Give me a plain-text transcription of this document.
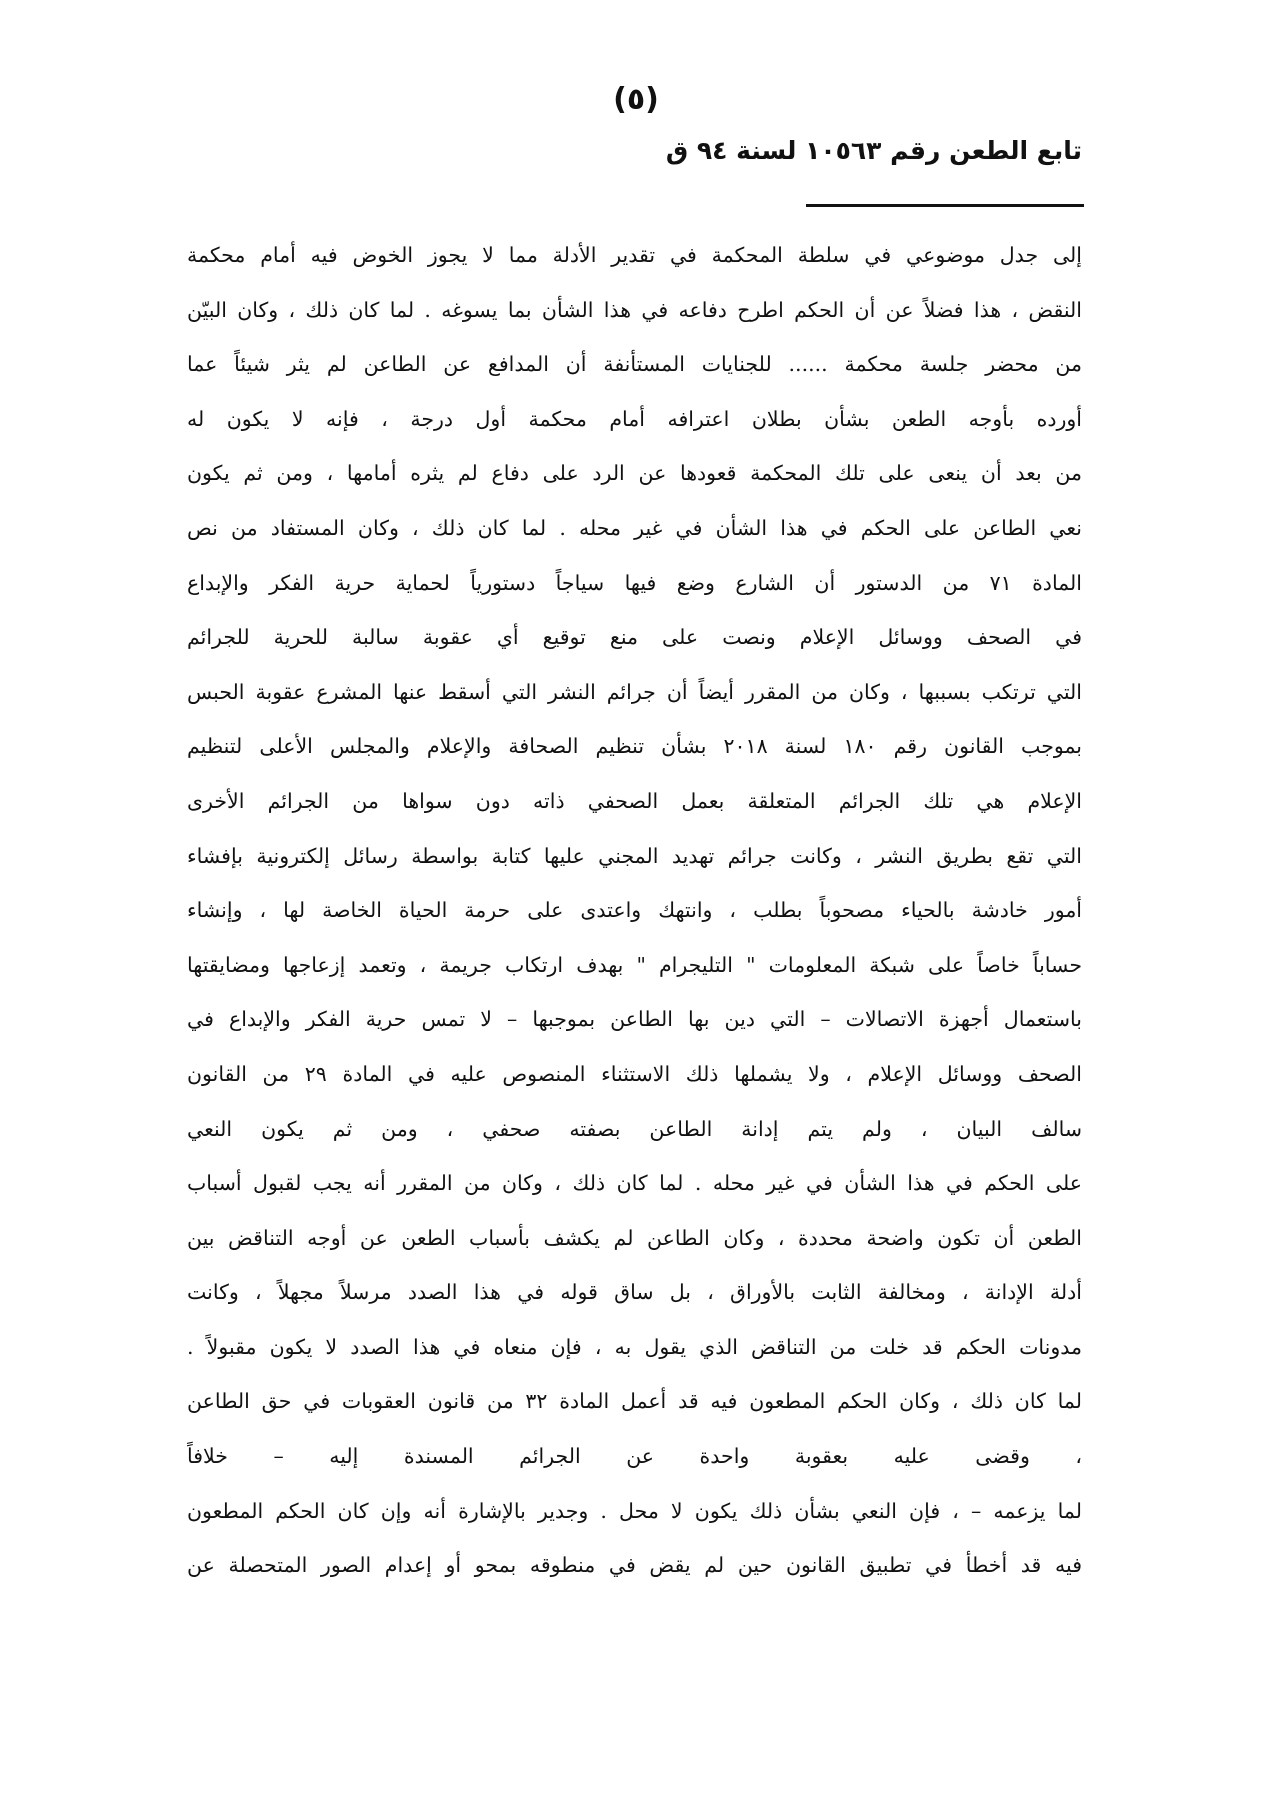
(٥)
تابع الطعن رقم ١٠٥٦٣ لسنة ٩٤ ق
إلى جدل موضوعي في سلطة المحكمة في تقدير الأدلة مما لا يجوز الخوض فيه أمام محكمة
النقض ، هذا فضلاً عن أن الحكم اطرح دفاعه في هذا الشأن بما يسوغه . لما كان ذلك ، وكان البيّن
من محضر جلسة محكمة ...... للجنايات المستأنفة أن المدافع عن الطاعن لم يثر شيئاً عما
أورده بأوجه الطعن بشأن بطلان اعترافه أمام محكمة أول درجة ، فإنه لا يكون له
من بعد أن ينعى على تلك المحكمة قعودها عن الرد على دفاع لم يثره أمامها ، ومن ثم يكون
نعي الطاعن على الحكم في هذا الشأن في غير محله . لما كان ذلك ، وكان المستفاد من نص
المادة ٧١ من الدستور أن الشارع وضع فيها سياجاً دستورياً لحماية حرية الفكر والإبداع
في الصحف ووسائل الإعلام ونصت على منع توقيع أي عقوبة سالبة للحرية للجرائم
التي ترتكب بسببها ، وكان من المقرر أيضاً أن جرائم النشر التي أسقط عنها المشرع عقوبة الحبس
بموجب القانون رقم ١٨٠ لسنة ٢٠١٨ بشأن تنظيم الصحافة والإعلام والمجلس الأعلى لتنظيم
الإعلام هي تلك الجرائم المتعلقة بعمل الصحفي ذاته دون سواها من الجرائم الأخرى
التي تقع بطريق النشر ، وكانت جرائم تهديد المجني عليها كتابة بواسطة رسائل إلكترونية بإفشاء
أمور خادشة بالحياء مصحوباً بطلب ، وانتهك واعتدى على حرمة الحياة الخاصة لها ، وإنشاء
حساباً خاصاً على شبكة المعلومات " التليجرام " بهدف ارتكاب جريمة ، وتعمد إزعاجها ومضايقتها
باستعمال أجهزة الاتصالات – التي دين بها الطاعن بموجبها – لا تمس حرية الفكر والإبداع في
الصحف ووسائل الإعلام ، ولا يشملها ذلك الاستثناء المنصوص عليه في المادة ٢٩ من القانون
سالف البيان ، ولم يتم إدانة الطاعن بصفته صحفي ، ومن ثم يكون النعي
على الحكم في هذا الشأن في غير محله . لما كان ذلك ، وكان من المقرر أنه يجب لقبول أسباب
الطعن أن تكون واضحة محددة ، وكان الطاعن لم يكشف بأسباب الطعن عن أوجه التناقض بين
أدلة الإدانة ، ومخالفة الثابت بالأوراق ، بل ساق قوله في هذا الصدد مرسلاً مجهلاً ، وكانت
مدونات الحكم قد خلت من التناقض الذي يقول به ، فإن منعاه في هذا الصدد لا يكون مقبولاً .
لما كان ذلك ، وكان الحكم المطعون فيه قد أعمل المادة ٣٢ من قانون العقوبات في حق الطاعن
، وقضى عليه بعقوبة واحدة عن الجرائم المسندة إليه – خلافاً
لما يزعمه – ، فإن النعي بشأن ذلك يكون لا محل . وجدير بالإشارة أنه وإن كان الحكم المطعون
فيه قد أخطأ في تطبيق القانون حين لم يقض في منطوقه بمحو أو إعدام الصور المتحصلة عن
